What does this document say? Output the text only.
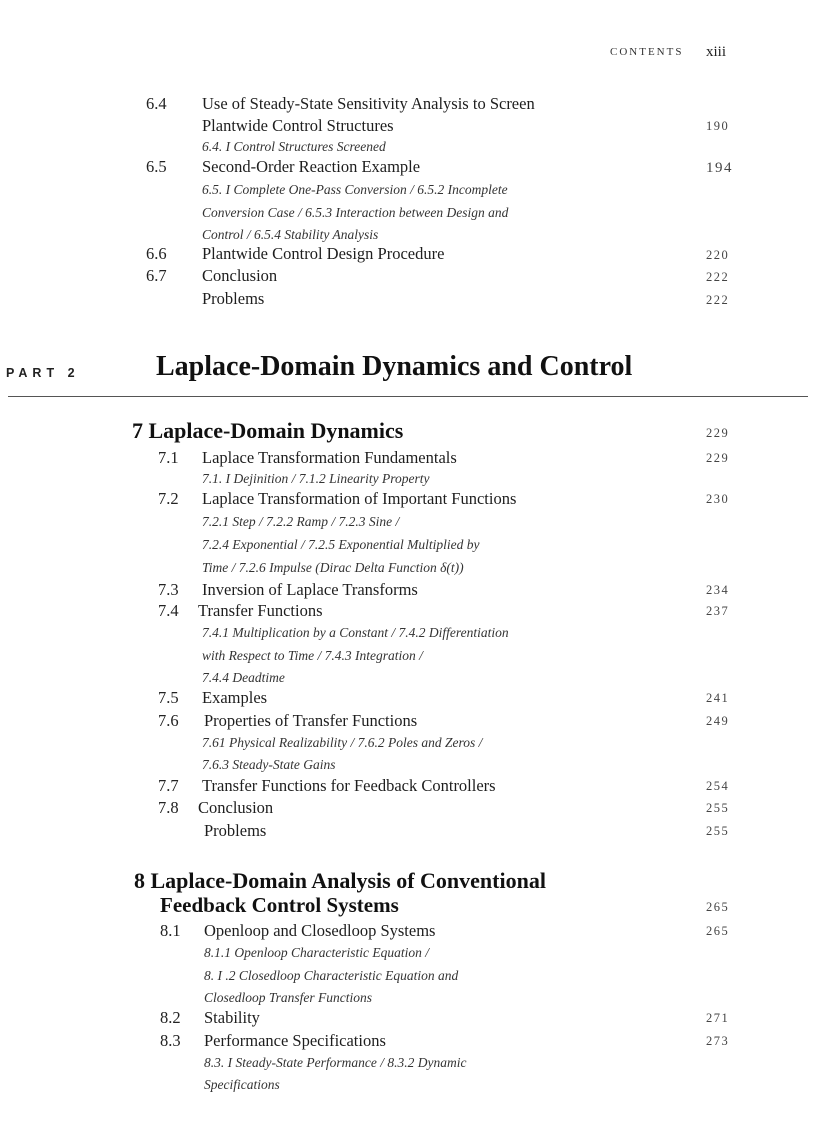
CONTENTS xiii
6.4 Use of Steady-State Sensitivity Analysis to Screen
Plantwide Control Structures	190
6.4. I Control Structures Screened
6.5 Second-Order Reaction Example	194
6.5. I Complete One-Pass Conversion / 6.5.2 Incomplete
Conversion Case / 6.5.3 Interaction between Design and
Control / 6.5.4 Stability Analysis
6.6 Plantwide Control Design Procedure	220
6.7 Conclusion	222
Problems	222
PART 2	Laplace-Domain Dynamics and Control
7 Laplace-Domain Dynamics	229
7.1 Laplace Transformation Fundamentals	229
7.1. I Dejinition / 7.1.2 Linearity Property
7.2 Laplace Transformation of Important Functions	230
7.2.1 Step / 7.2.2 Ramp / 7.2.3 Sine /
7.2.4 Exponential / 7.2.5 Exponential Multiplied by
Time / 7.2.6 Impulse (Dirac Delta Function δ(t))
7.3 Inversion of Laplace Transforms	234
7.4 Transfer Functions	237
7.4.1 Multiplication by a Constant / 7.4.2 Differentiation
with Respect to Time / 7.4.3 Integration /
7.4.4 Deadtime
7.5 Examples	241
7.6 Properties of Transfer Functions	249
7.61 Physical Realizability / 7.6.2 Poles and Zeros /
7.6.3 Steady-State Gains
7.7 Transfer Functions for Feedback Controllers	254
7.8 Conclusion	255
Problems	255
8 Laplace-Domain Analysis of Conventional
Feedback Control Systems	265
8.1 Openloop and Closedloop Systems	265
8.1.1 Openloop Characteristic Equation /
8. I .2 Closedloop Characteristic Equation and
Closedloop Transfer Functions
8.2 Stability	271
8.3 Performance Specifications	273
8.3. I Steady-State Performance / 8.3.2 Dynamic
Specifications
